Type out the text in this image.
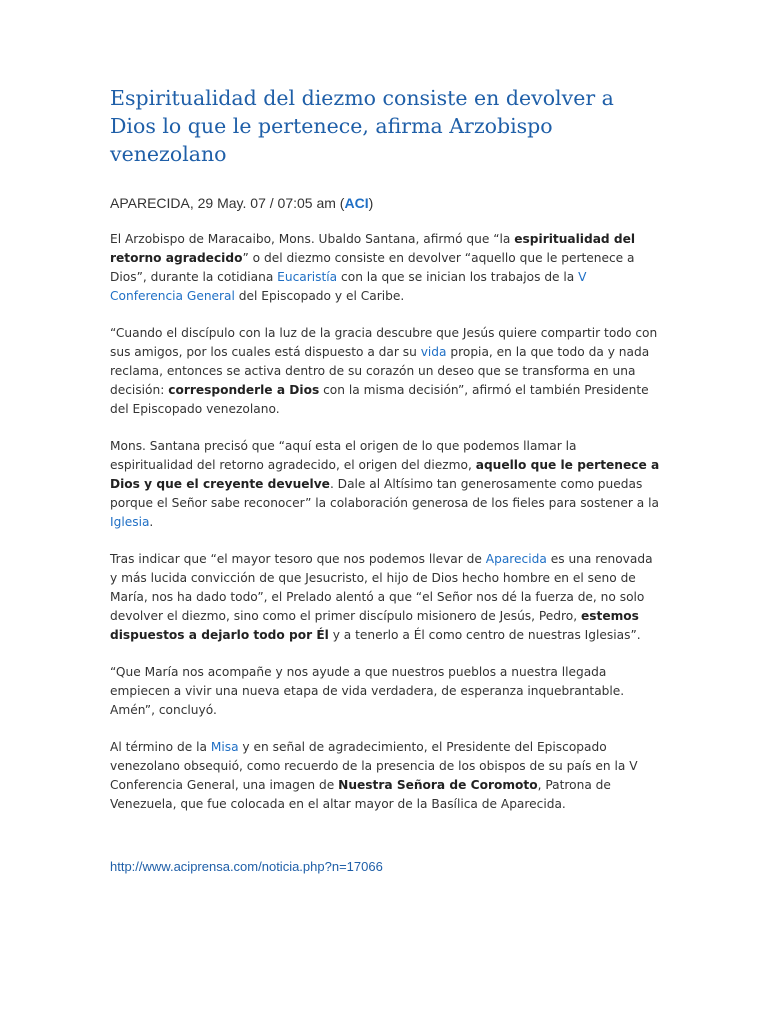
Espiritualidad del diezmo consiste en devolver a Dios lo que le pertenece, afirma Arzobispo venezolano
APARECIDA, 29 May. 07 / 07:05 am (ACI)

El Arzobispo de Maracaibo, Mons. Ubaldo Santana, afirmó que “la espiritualidad del retorno agradecido” o del diezmo consiste en devolver “aquello que le pertenece a Dios”, durante la cotidiana Eucaristía con la que se inician los trabajos de la V Conferencia General del Episcopado y el Caribe.

“Cuando el discípulo con la luz de la gracia descubre que Jesús quiere compartir todo con sus amigos, por los cuales está dispuesto a dar su vida propia, en la que todo da y nada reclama, entonces se activa dentro de su corazón un deseo que se transforma en una decisión: corresponderle a Dios con la misma decisión”, afirmó el también Presidente del Episcopado venezolano.

Mons. Santana precisó que “aquí esta el origen de lo que podemos llamar la espiritualidad del retorno agradecido, el origen del diezmo, aquello que le pertenece a Dios y que el creyente devuelve. Dale al Altísimo tan generosamente como puedas porque el Señor sabe reconocer” la colaboración generosa de los fieles para sostener a la Iglesia.

Tras indicar que “el mayor tesoro que nos podemos llevar de Aparecida es una renovada y más lucida convicción de que Jesucristo, el hijo de Dios hecho hombre en el seno de María, nos ha dado todo”, el Prelado alentó a que “el Señor nos dé la fuerza de, no solo devolver el diezmo, sino como el primer discípulo misionero de Jesús, Pedro, estemos dispuestos a dejarlo todo por Él y a tenerlo a Él como centro de nuestras Iglesias”.

“Que María nos acompañe y nos ayude a que nuestros pueblos a nuestra llegada empiecen a vivir una nueva etapa de vida verdadera, de esperanza inquebrantable. Amén”, concluyó.

Al término de la Misa y en señal de agradecimiento, el Presidente del Episcopado venezolano obsequió, como recuerdo de la presencia de los obispos de su país en la V Conferencia General, una imagen de Nuestra Señora de Coromoto, Patrona de Venezuela, que fue colocada en el altar mayor de la Basílica de Aparecida.

http://www.aciprensa.com/noticia.php?n=17066
